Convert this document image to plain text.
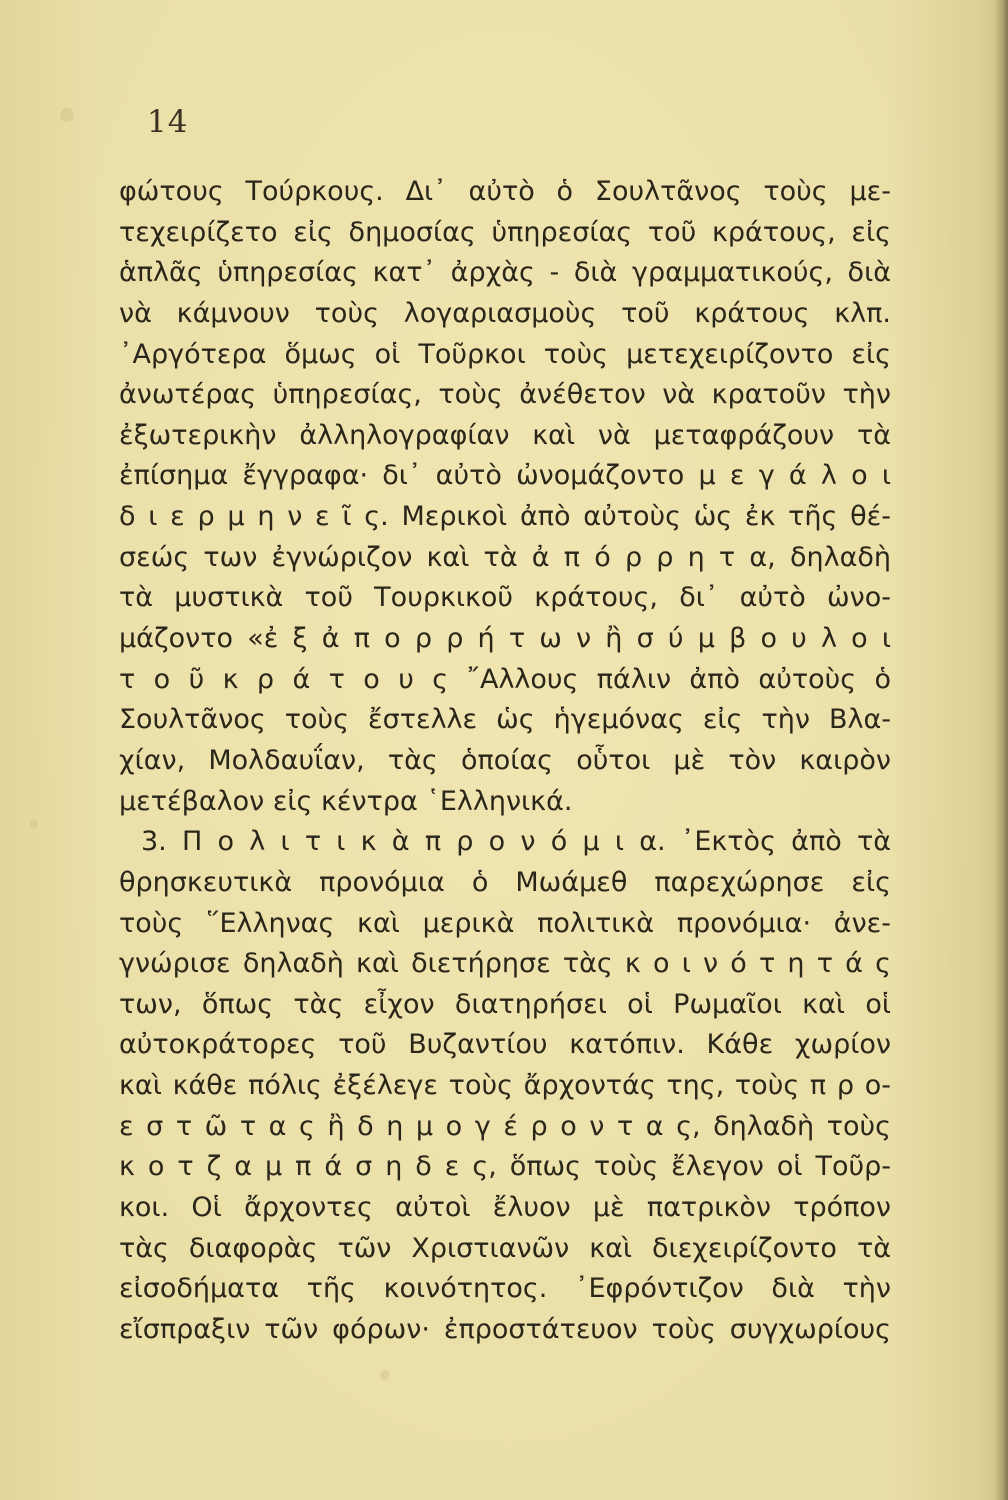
14
φώτους Τούρκους. Δι᾿ αὐτὸ ὁ Σουλτᾶνος τοὺς με-
τεχειρίζετο εἰς δημοσίας ὑπηρεσίας τοῦ κράτους, εἰς
ἁπλᾶς ὑπηρεσίας κατ᾿ ἀρχὰς - διὰ γραμματικούς, διὰ
νὰ κάμνουν τοὺς λογαριασμοὺς τοῦ κράτους κλπ.
᾿Αργότερα ὅμως οἱ Τοῦρκοι τοὺς μετεχειρίζοντο εἰς
ἀνωτέρας ὑπηρεσίας, τοὺς ἀνέθετον νὰ κρατοῦν τὴν
ἐξωτερικὴν ἀλληλογραφίαν καὶ νὰ μεταφράζουν τὰ
ἐπίσημα ἔγγραφα· δι᾿ αὐτὸ ὠνομάζοντο μ ε γ ά λ ο ι
δ ι ε ρ μ η ν ε ῖ ς. Μερικοὶ ἀπὸ αὐτοὺς ὡς ἐκ τῆς θέ-
σεώς των ἐγνώριζον καὶ τὰ ἀ π ό ρ ρ η τ α, δηλαδὴ
τὰ μυστικὰ τοῦ Τουρκικοῦ κράτους, δι᾿ αὐτὸ ὠνο-
μάζοντο «ἐ ξ ἀ π ο ρ ρ ή τ ω ν ἢ σ ύ μ β ο υ λ ο ι
τ ο ῦ κ ρ ά τ ο υ ς ῎Αλλους πάλιν ἀπὸ αὐτοὺς ὁ
Σουλτᾶνος τοὺς ἔστελλε ὡς ἡγεμόνας εἰς τὴν Βλα-
χίαν, Μολδαυΐαν, τὰς ὁποίας οὗτοι μὲ τὸν καιρὸν
μετέβαλον εἰς κέντρα ῾Ελληνικά.
3. Π ο λ ι τ ι κ ὰ π ρ ο ν ό μ ι α. ᾿Εκτὸς ἀπὸ τὰ
θρησκευτικὰ προνόμια ὁ Μωάμεθ παρεχώρησε εἰς
τοὺς ῞Ελληνας καὶ μερικὰ πολιτικὰ προνόμια· ἀνε-
γνώρισε δηλαδὴ καὶ διετήρησε τὰς κ ο ι ν ό τ η τ ά ς
των, ὅπως τὰς εἶχον διατηρήσει οἱ Ρωμαῖοι καὶ οἱ
αὐτοκράτορες τοῦ Βυζαντίου κατόπιν. Κάθε χωρίον
καὶ κάθε πόλις ἐξέλεγε τοὺς ἄρχοντάς της, τοὺς π ρ ο-
ε σ τ ῶ τ α ς ἢ δ η μ ο γ έ ρ ο ν τ α ς, δηλαδὴ τοὺς
κ ο τ ζ α μ π ά σ η δ ε ς, ὅπως τοὺς ἔλεγον οἱ Τοῦρ-
κοι. Οἱ ἄρχοντες αὐτοὶ ἔλυον μὲ πατρικὸν τρόπον
τὰς διαφορὰς τῶν Χριστιανῶν καὶ διεχειρίζοντο τὰ
εἰσοδήματα τῆς κοινότητος. ᾿Εφρόντιζον διὰ τὴν
εἴσπραξιν τῶν φόρων· ἐπροστάτευον τοὺς συγχωρίους
